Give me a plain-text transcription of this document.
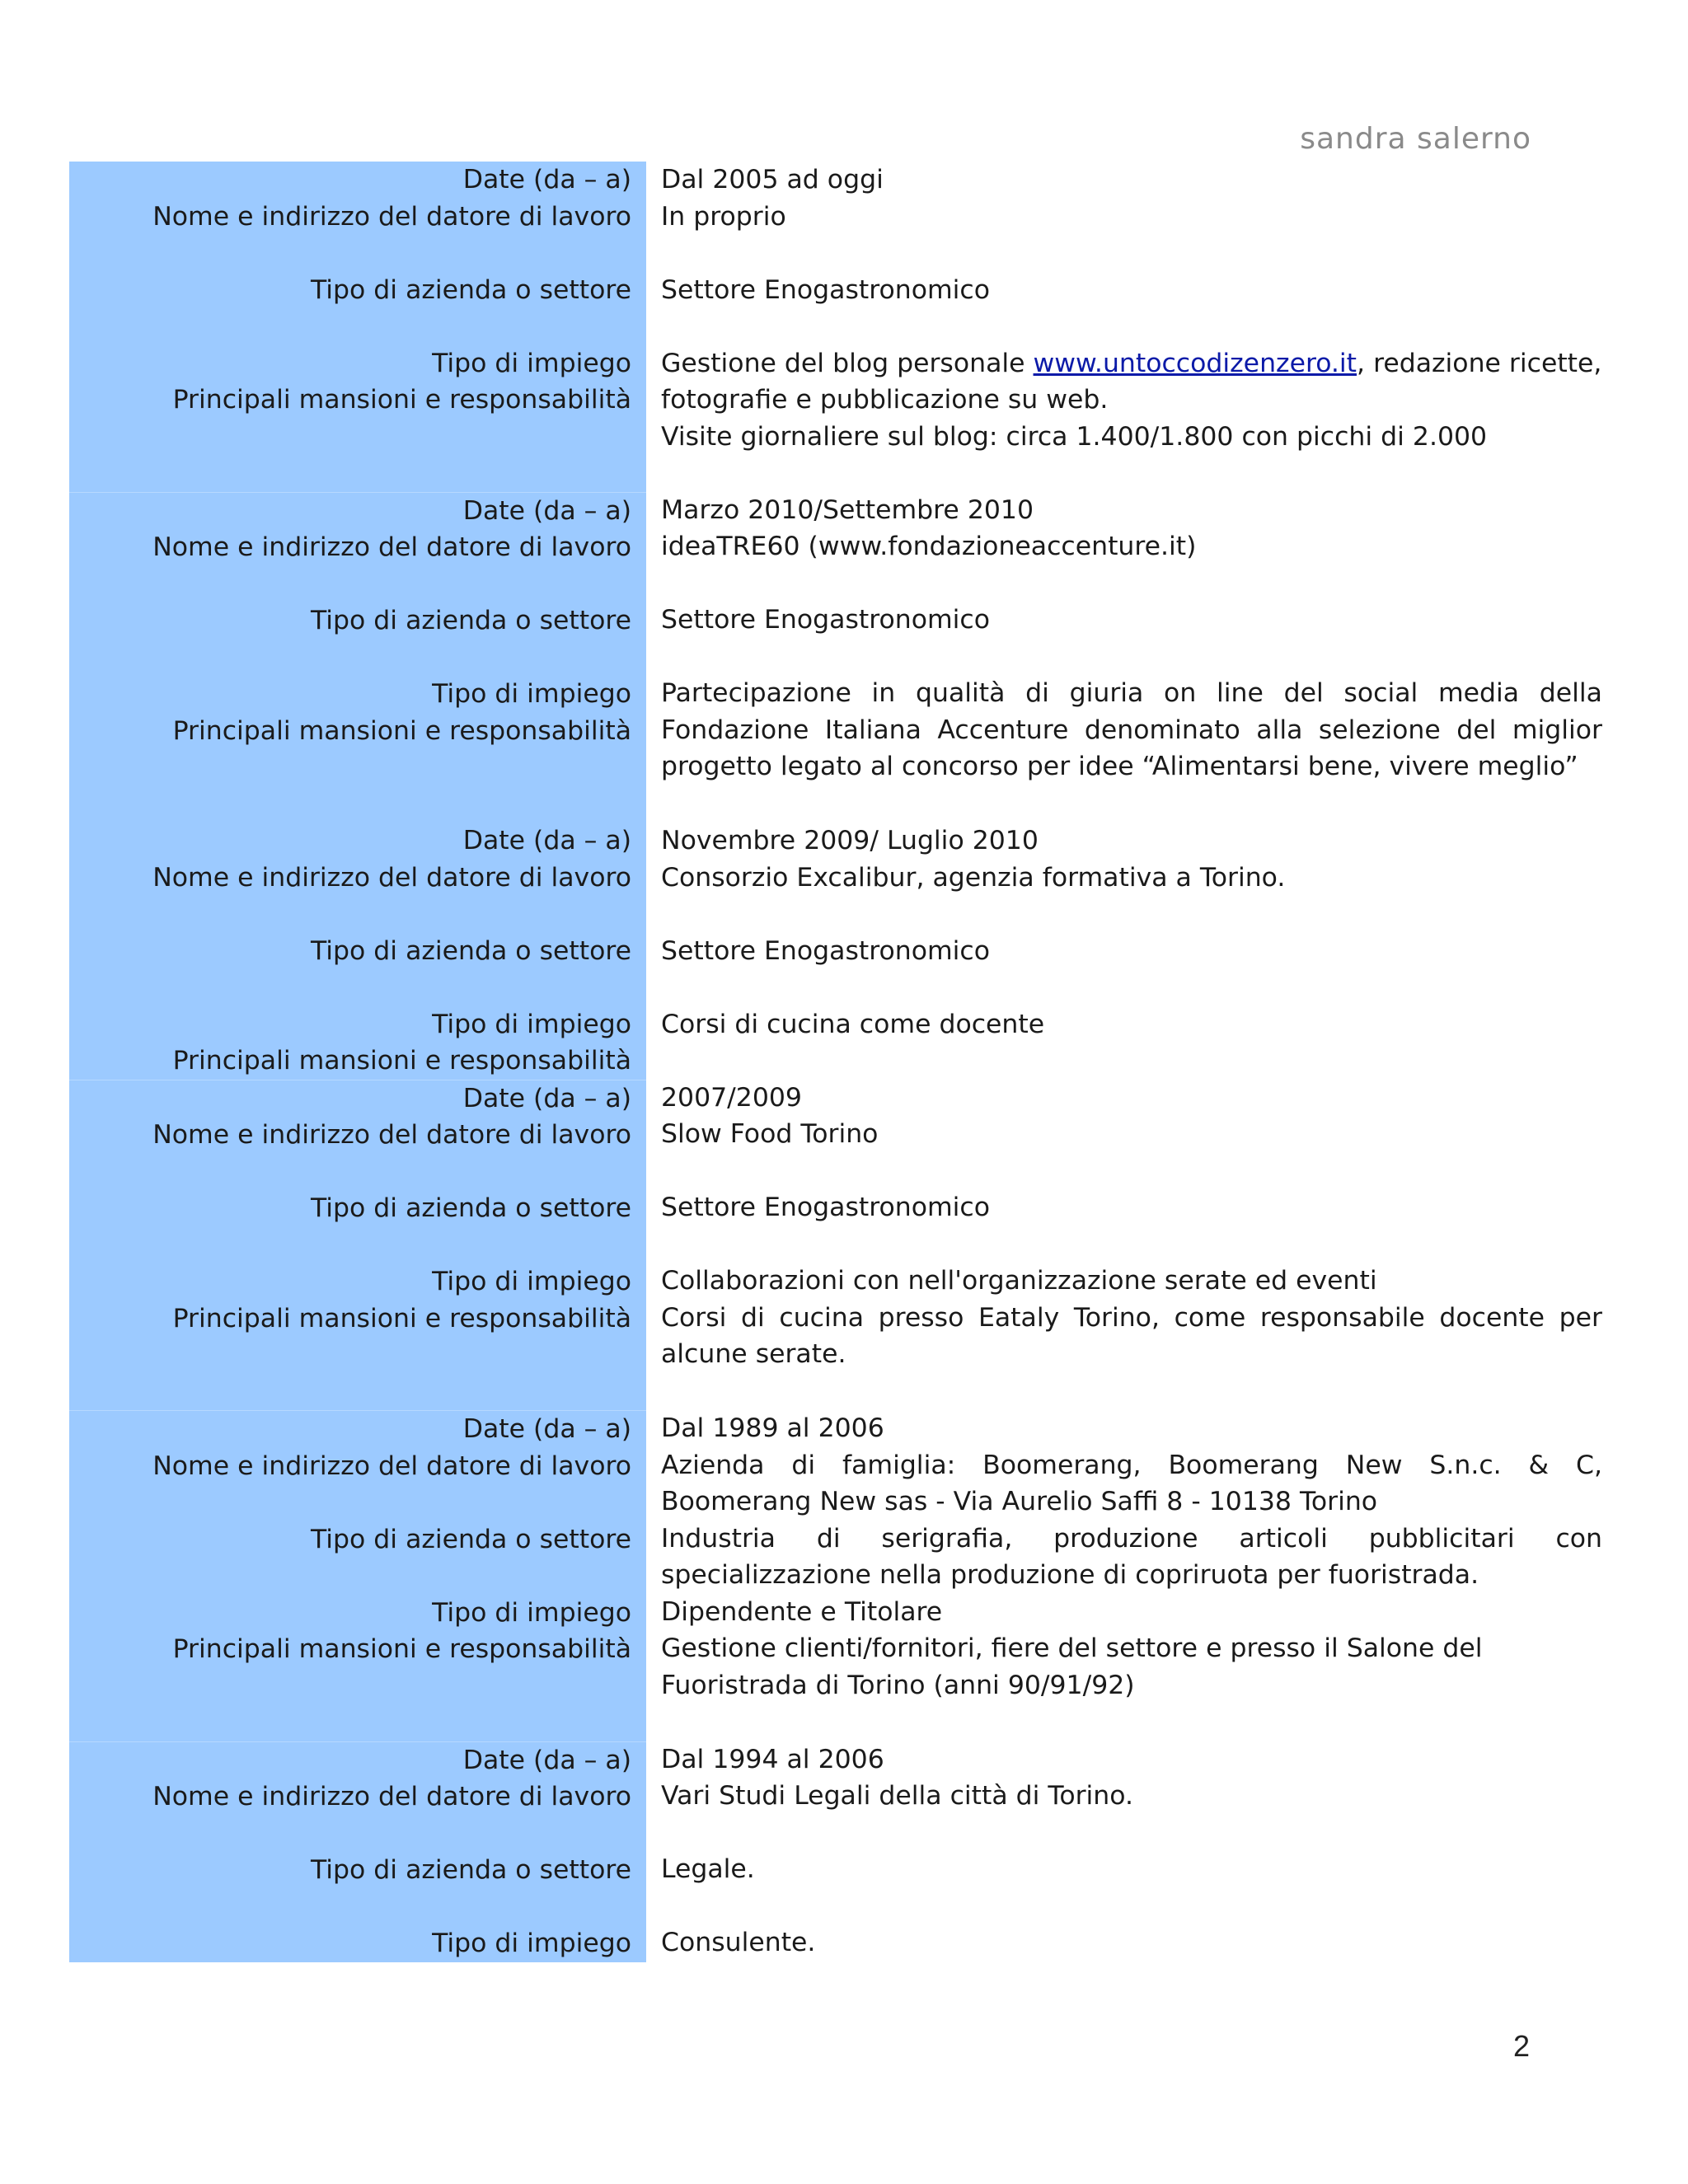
sandra salerno
Date (da – a)
Nome e indirizzo del datore di lavoro
Tipo di azienda o settore
Tipo di impiego
Principali mansioni e responsabilità
Dal 2005 ad oggi
In proprio
Settore Enogastronomico
Gestione del blog personale www.untoccodizenzero.it, redazione ricette,
fotografie e pubblicazione su web.
Visite giornaliere sul blog: circa 1.400/1.800 con picchi di 2.000
Date (da – a)
Nome e indirizzo del datore di lavoro
Tipo di azienda o settore
Tipo di impiego
Principali mansioni e responsabilità
Marzo 2010/Settembre 2010
ideaTRE60 (www.fondazioneaccenture.it)
Settore Enogastronomico
Partecipazione in qualità di giuria on line del social media della Fondazione Italiana Accenture denominato alla selezione del miglior progetto legato al concorso per idee “Alimentarsi bene, vivere meglio”
Date (da – a)
Nome e indirizzo del datore di lavoro
Tipo di azienda o settore
Tipo di impiego
Principali mansioni e responsabilità
Novembre 2009/ Luglio 2010
Consorzio Excalibur, agenzia formativa a Torino.
Settore Enogastronomico
Corsi di cucina come docente
Date (da – a)
Nome e indirizzo del datore di lavoro
Tipo di azienda o settore
Tipo di impiego
Principali mansioni e responsabilità
2007/2009
Slow Food Torino
Settore Enogastronomico
Collaborazioni con nell'organizzazione serate ed eventi
Corsi di cucina presso Eataly Torino, come responsabile docente per alcune serate.
Date (da – a)
Nome e indirizzo del datore di lavoro
Tipo di azienda o settore
Tipo di impiego
Principali mansioni e responsabilità
Dal 1989 al 2006
Azienda di famiglia: Boomerang, Boomerang New S.n.c. & C, Boomerang New sas - Via Aurelio Saffi 8 - 10138 Torino
Industria di serigrafia, produzione articoli pubblicitari con specializzazione nella produzione di copriruota per fuoristrada.
Dipendente e Titolare
Gestione clienti/fornitori, fiere del settore e presso il Salone del
Fuoristrada di Torino (anni 90/91/92)
Date (da – a)
Nome e indirizzo del datore di lavoro
Tipo di azienda o settore
Tipo di impiego
Dal 1994 al 2006
Vari Studi Legali della città di Torino.
Legale.
Consulente.
2
